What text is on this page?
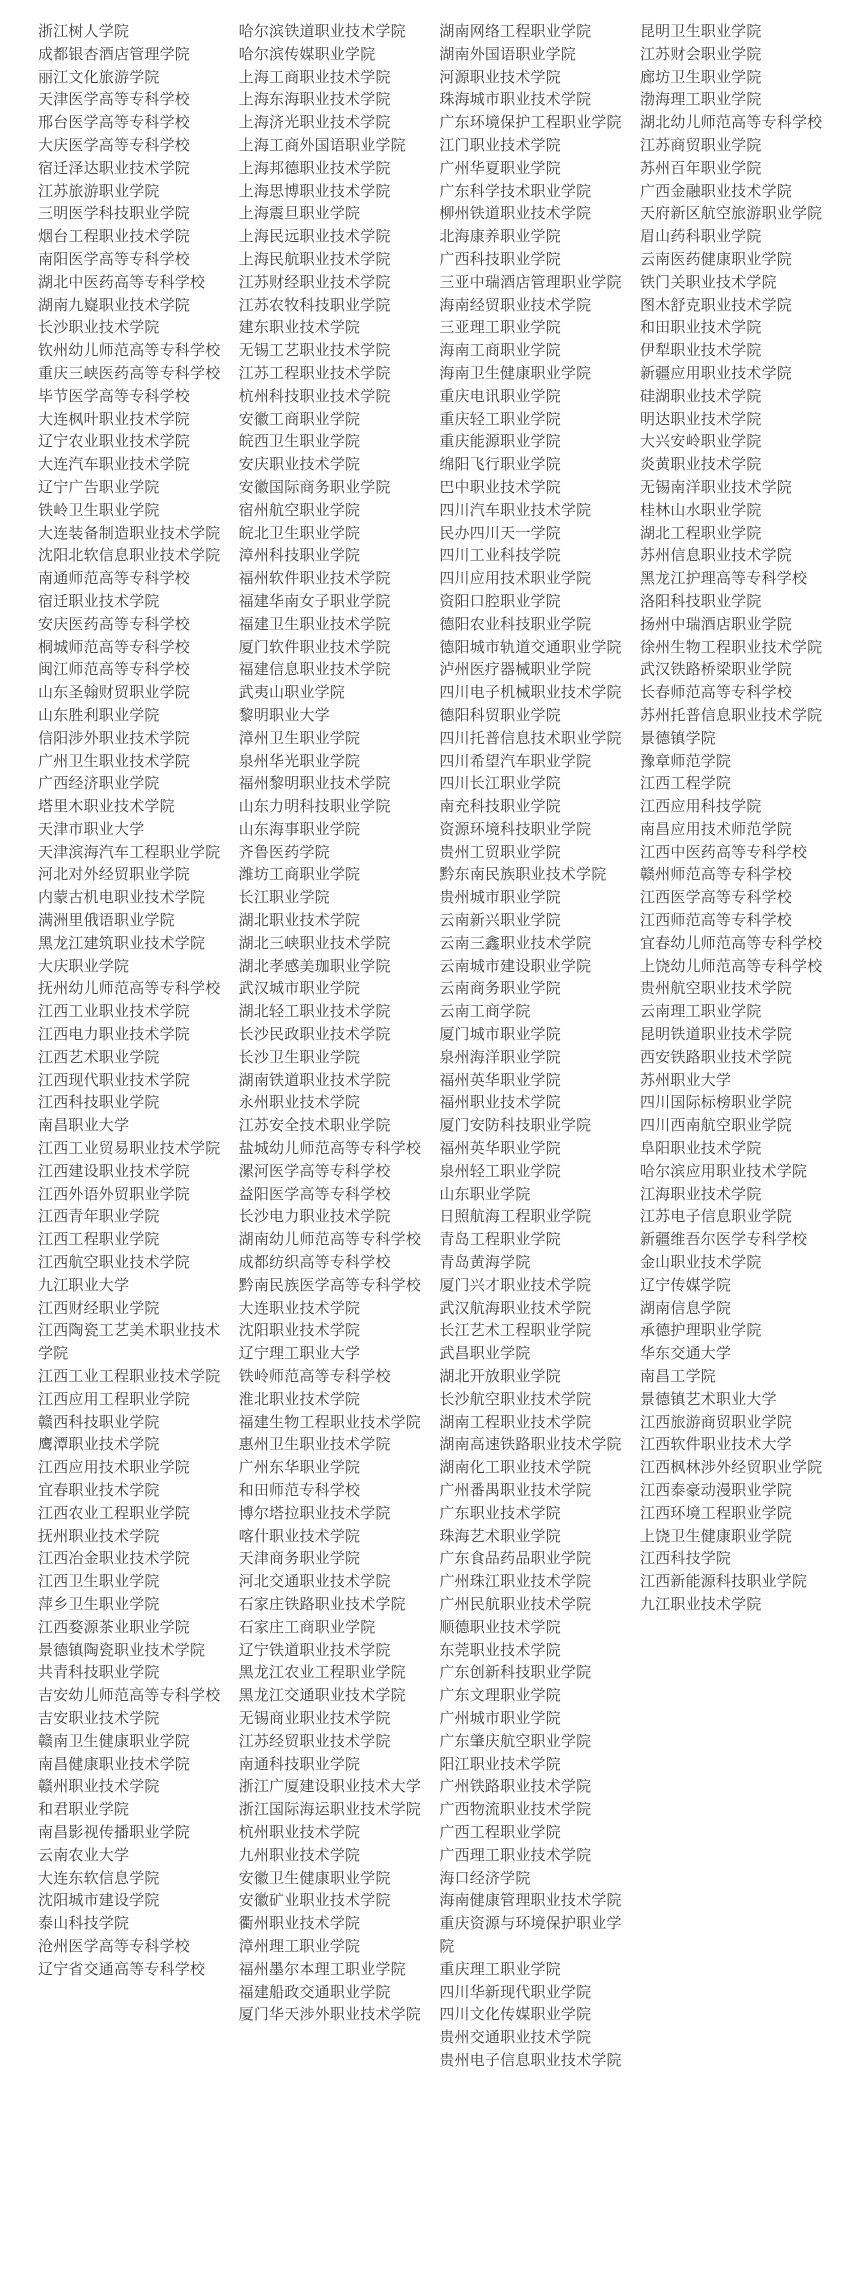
浙江树人学院
成都银杏酒店管理学院
丽江文化旅游学院
天津医学高等专科学校
邢台医学高等专科学校
大庆医学高等专科学校
宿迁泽达职业技术学院
江苏旅游职业学院
三明医学科技职业学院
烟台工程职业技术学院
南阳医学高等专科学校
湖北中医药高等专科学校
湖南九嶷职业技术学院
长沙职业技术学院
钦州幼儿师范高等专科学校
重庆三峡医药高等专科学校
毕节医学高等专科学校
大连枫叶职业技术学院
辽宁农业职业技术学院
大连汽车职业技术学院
辽宁广告职业学院
铁岭卫生职业学院
大连装备制造职业技术学院
沈阳北软信息职业技术学院
南通师范高等专科学校
宿迁职业技术学院
安庆医药高等专科学校
桐城师范高等专科学校
闽江师范高等专科学校
山东圣翰财贸职业学院
山东胜利职业学院
信阳涉外职业技术学院
广州卫生职业技术学院
广西经济职业学院
塔里木职业技术学院
天津市职业大学
天津滨海汽车工程职业学院
河北对外经贸职业学院
内蒙古机电职业技术学院
满洲里俄语职业学院
黑龙江建筑职业技术学院
大庆职业学院
抚州幼儿师范高等专科学校
江西工业职业技术学院
江西电力职业技术学院
江西艺术职业学院
江西现代职业技术学院
江西科技职业学院
南昌职业大学
江西工业贸易职业技术学院
江西建设职业技术学院
江西外语外贸职业学院
江西青年职业学院
江西工程职业学院
江西航空职业技术学院
九江职业大学
江西财经职业学院
江西陶瓷工艺美术职业技术学院
江西工业工程职业技术学院
江西应用工程职业学院
赣西科技职业学院
鹰潭职业技术学院
江西应用技术职业学院
宜春职业技术学院
江西农业工程职业学院
抚州职业技术学院
江西冶金职业技术学院
江西卫生职业学院
萍乡卫生职业学院
江西婺源茶业职业学院
景德镇陶瓷职业技术学院
共青科技职业学院
吉安幼儿师范高等专科学校
吉安职业技术学院
赣南卫生健康职业学院
南昌健康职业技术学院
赣州职业技术学院
和君职业学院
南昌影视传播职业学院
云南农业大学
大连东软信息学院
沈阳城市建设学院
泰山科技学院
沧州医学高等专科学校
辽宁省交通高等专科学校
哈尔滨铁道职业技术学院
哈尔滨传媒职业学院
上海工商职业技术学院
上海东海职业技术学院
上海济光职业技术学院
上海工商外国语职业学院
上海邦德职业技术学院
上海思博职业技术学院
上海震旦职业学院
上海民远职业技术学院
上海民航职业技术学院
江苏财经职业技术学院
江苏农牧科技职业学院
建东职业技术学院
无锡工艺职业技术学院
江苏工程职业技术学院
杭州科技职业技术学院
安徽工商职业学院
皖西卫生职业学院
安庆职业技术学院
安徽国际商务职业学院
宿州航空职业学院
皖北卫生职业学院
漳州科技职业学院
福州软件职业技术学院
福建华南女子职业学院
福建卫生职业技术学院
厦门软件职业技术学院
福建信息职业技术学院
武夷山职业学院
黎明职业大学
漳州卫生职业学院
泉州华光职业学院
福州黎明职业技术学院
山东力明科技职业学院
山东海事职业学院
齐鲁医药学院
潍坊工商职业学院
长江职业学院
湖北职业技术学院
湖北三峡职业技术学院
湖北孝感美珈职业学院
武汉城市职业学院
湖北轻工职业技术学院
长沙民政职业技术学院
长沙卫生职业学院
湖南铁道职业技术学院
永州职业技术学院
江苏安全技术职业学院
盐城幼儿师范高等专科学校
漯河医学高等专科学校
益阳医学高等专科学校
长沙电力职业技术学院
湖南幼儿师范高等专科学校
成都纺织高等专科学校
黔南民族医学高等专科学校
大连职业技术学院
沈阳职业技术学院
辽宁理工职业大学
铁岭师范高等专科学校
淮北职业技术学院
福建生物工程职业技术学院
惠州卫生职业技术学院
广州东华职业学院
和田师范专科学校
博尔塔拉职业技术学院
喀什职业技术学院
天津商务职业学院
河北交通职业技术学院
石家庄铁路职业技术学院
石家庄工商职业学院
辽宁铁道职业技术学院
黑龙江农业工程职业学院
黑龙江交通职业技术学院
无锡商业职业技术学院
江苏经贸职业技术学院
南通科技职业学院
浙江广厦建设职业技术大学
浙江国际海运职业技术学院
杭州职业技术学院
九州职业技术学院
安徽卫生健康职业学院
安徽矿业职业技术学院
衢州职业技术学院
漳州理工职业学院
福州墨尔本理工职业学院
福建船政交通职业学院
厦门华天涉外职业技术学院
湖南网络工程职业学院
湖南外国语职业学院
河源职业技术学院
珠海城市职业技术学院
广东环境保护工程职业学院
江门职业技术学院
广州华夏职业学院
广东科学技术职业学院
柳州铁道职业技术学院
北海康养职业学院
广西科技职业学院
三亚中瑞酒店管理职业学院
海南经贸职业技术学院
三亚理工职业学院
海南工商职业学院
海南卫生健康职业学院
重庆电讯职业学院
重庆轻工职业学院
重庆能源职业学院
绵阳飞行职业学院
巴中职业技术学院
四川汽车职业技术学院
民办四川天一学院
四川工业科技学院
四川应用技术职业学院
资阳口腔职业学院
德阳农业科技职业学院
德阳城市轨道交通职业学院
泸州医疗器械职业学院
四川电子机械职业技术学院
德阳科贸职业学院
四川托普信息技术职业学院
四川希望汽车职业学院
四川长江职业学院
南充科技职业学院
资源环境科技职业学院
贵州工贸职业学院
黔东南民族职业技术学院
贵州城市职业学院
云南新兴职业学院
云南三鑫职业技术学院
云南城市建设职业学院
云南商务职业学院
云南工商学院
厦门城市职业学院
泉州海洋职业学院
福州英华职业学院
福州职业技术学院
厦门安防科技职业学院
福州英华职业学院
泉州轻工职业学院
山东职业学院
日照航海工程职业学院
青岛工程职业学院
青岛黄海学院
厦门兴才职业技术学院
武汉航海职业技术学院
长江艺术工程职业学院
武昌职业学院
湖北开放职业学院
长沙航空职业技术学院
湖南工程职业技术学院
湖南高速铁路职业技术学院
湖南化工职业技术学院
广州番禺职业技术学院
广东职业技术学院
珠海艺术职业学院
广东食品药品职业学院
广州珠江职业技术学院
广州民航职业技术学院
顺德职业技术学院
东莞职业技术学院
广东创新科技职业学院
广东文理职业学院
广州城市职业学院
广东肇庆航空职业学院
阳江职业技术学院
广州铁路职业技术学院
广西物流职业技术学院
广西工程职业学院
广西理工职业技术学院
海口经济学院
海南健康管理职业技术学院
重庆资源与环境保护职业学院
重庆理工职业学院
四川华新现代职业学院
四川文化传媒职业学院
贵州交通职业技术学院
贵州电子信息职业技术学院
昆明卫生职业学院
江苏财会职业学院
廊坊卫生职业学院
渤海理工职业学院
湖北幼儿师范高等专科学校
江苏商贸职业学院
苏州百年职业学院
广西金融职业技术学院
天府新区航空旅游职业学院
眉山药科职业学院
云南医药健康职业学院
铁门关职业技术学院
图木舒克职业技术学院
和田职业技术学院
伊犁职业技术学院
新疆应用职业技术学院
硅湖职业技术学院
明达职业技术学院
大兴安岭职业学院
炎黄职业技术学院
无锡南洋职业技术学院
桂林山水职业学院
湖北工程职业学院
苏州信息职业技术学院
黑龙江护理高等专科学校
洛阳科技职业学院
扬州中瑞酒店职业学院
徐州生物工程职业技术学院
武汉铁路桥梁职业学院
长春师范高等专科学校
苏州托普信息职业技术学院
景德镇学院
豫章师范学院
江西工程学院
江西应用科技学院
南昌应用技术师范学院
江西中医药高等专科学校
赣州师范高等专科学校
江西医学高等专科学校
江西师范高等专科学校
宜春幼儿师范高等专科学校
上饶幼儿师范高等专科学校
贵州航空职业技术学院
云南理工职业学院
昆明铁道职业技术学院
西安铁路职业技术学院
苏州职业大学
四川国际标榜职业学院
四川西南航空职业学院
阜阳职业技术学院
哈尔滨应用职业技术学院
江海职业技术学院
江苏电子信息职业学院
新疆维吾尔医学专科学校
金山职业技术学院
辽宁传媒学院
湖南信息学院
承德护理职业学院
华东交通大学
南昌工学院
景德镇艺术职业大学
江西旅游商贸职业学院
江西软件职业技术大学
江西枫林涉外经贸职业学院
江西泰豪动漫职业学院
江西环境工程职业学院
上饶卫生健康职业学院
江西科技学院
江西新能源科技职业学院
九江职业技术学院
